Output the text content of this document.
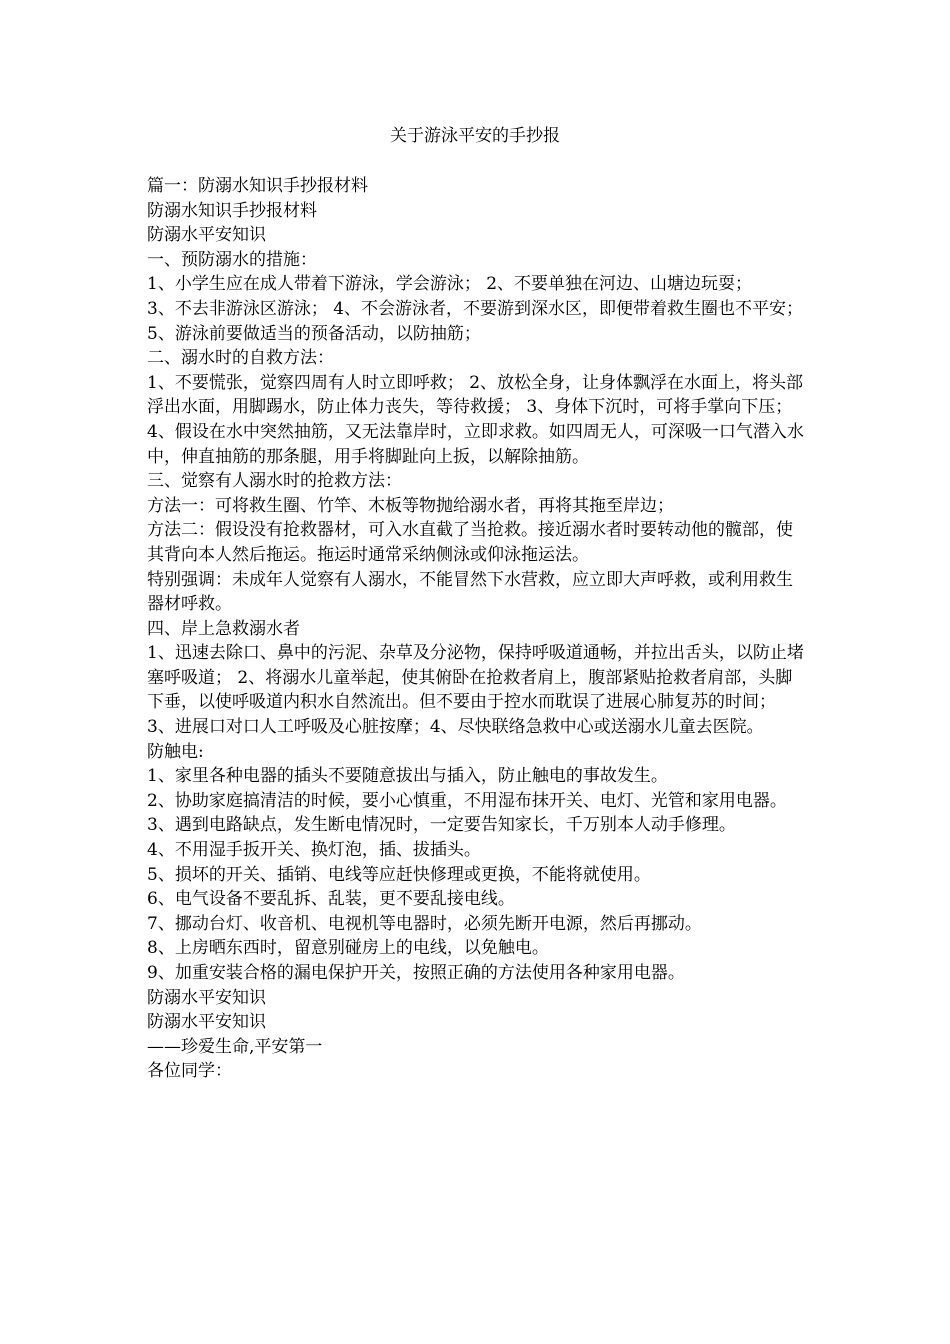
关于游泳平安的手抄报

篇一：防溺水知识手抄报材料

防溺水知识手抄报材料

防溺水平安知识

一、预防溺水的措施：

1、小学生应在成人带着下游泳，学会游泳； 2、不要单独在河边、山塘边玩耍；

3、不去非游泳区游泳； 4、不会游泳者，不要游到深水区，即便带着救生圈也不平安； 5、游泳前要做适当的预备活动，以防抽筋；

二、溺水时的自救方法：

1、不要慌张，觉察四周有人时立即呼救； 2、放松全身，让身体飘浮在水面上，将头部浮出水面，用脚踢水，防止体力丧失，等待救援； 3、身体下沉时，可将手掌向下压； 4、假设在水中突然抽筋，又无法靠岸时，立即求救。如四周无人，可深吸一口气潜入水中，伸直抽筋的那条腿，用手将脚趾向上扳，以解除抽筋。

三、觉察有人溺水时的抢救方法：

方法一：可将救生圈、竹竿、木板等物抛给溺水者，再将其拖至岸边；

方法二：假设没有抢救器材，可入水直截了当抢救。接近溺水者时要转动他的髋部，使其背向本人然后拖运。拖运时通常采纳侧泳或仰泳拖运法。

特别强调：未成年人觉察有人溺水，不能冒然下水营救，应立即大声呼救，或利用救生器材呼救。

四、岸上急救溺水者

1、迅速去除口、鼻中的污泥、杂草及分泌物，保持呼吸道通畅，并拉出舌头，以防止堵塞呼吸道； 2、将溺水儿童举起，使其俯卧在抢救者肩上，腹部紧贴抢救者肩部，头脚下垂，以使呼吸道内积水自然流出。但不要由于控水而耽误了进展心肺复苏的时间； 3、进展口对口人工呼吸及心脏按摩；4、尽快联络急救中心或送溺水儿童去医院。

防触电:

1、家里各种电器的插头不要随意拔出与插入，防止触电的事故发生。

2、协助家庭搞清洁的时候，要小心慎重，不用湿布抹开关、电灯、光管和家用电器。

3、遇到电路缺点，发生断电情况时，一定要告知家长，千万别本人动手修理。

4、不用湿手扳开关、换灯泡，插、拔插头。

5、损坏的开关、插销、电线等应赶快修理或更换，不能将就使用。

6、电气设备不要乱拆、乱装，更不要乱接电线。

7、挪动台灯、收音机、电视机等电器时，必须先断开电源，然后再挪动。

8、上房晒东西时，留意别碰房上的电线，以免触电。

9、加重安装合格的漏电保护开关，按照正确的方法使用各种家用电器。

防溺水平安知识

防溺水平安知识

——珍爱生命,平安第一

各位同学：
